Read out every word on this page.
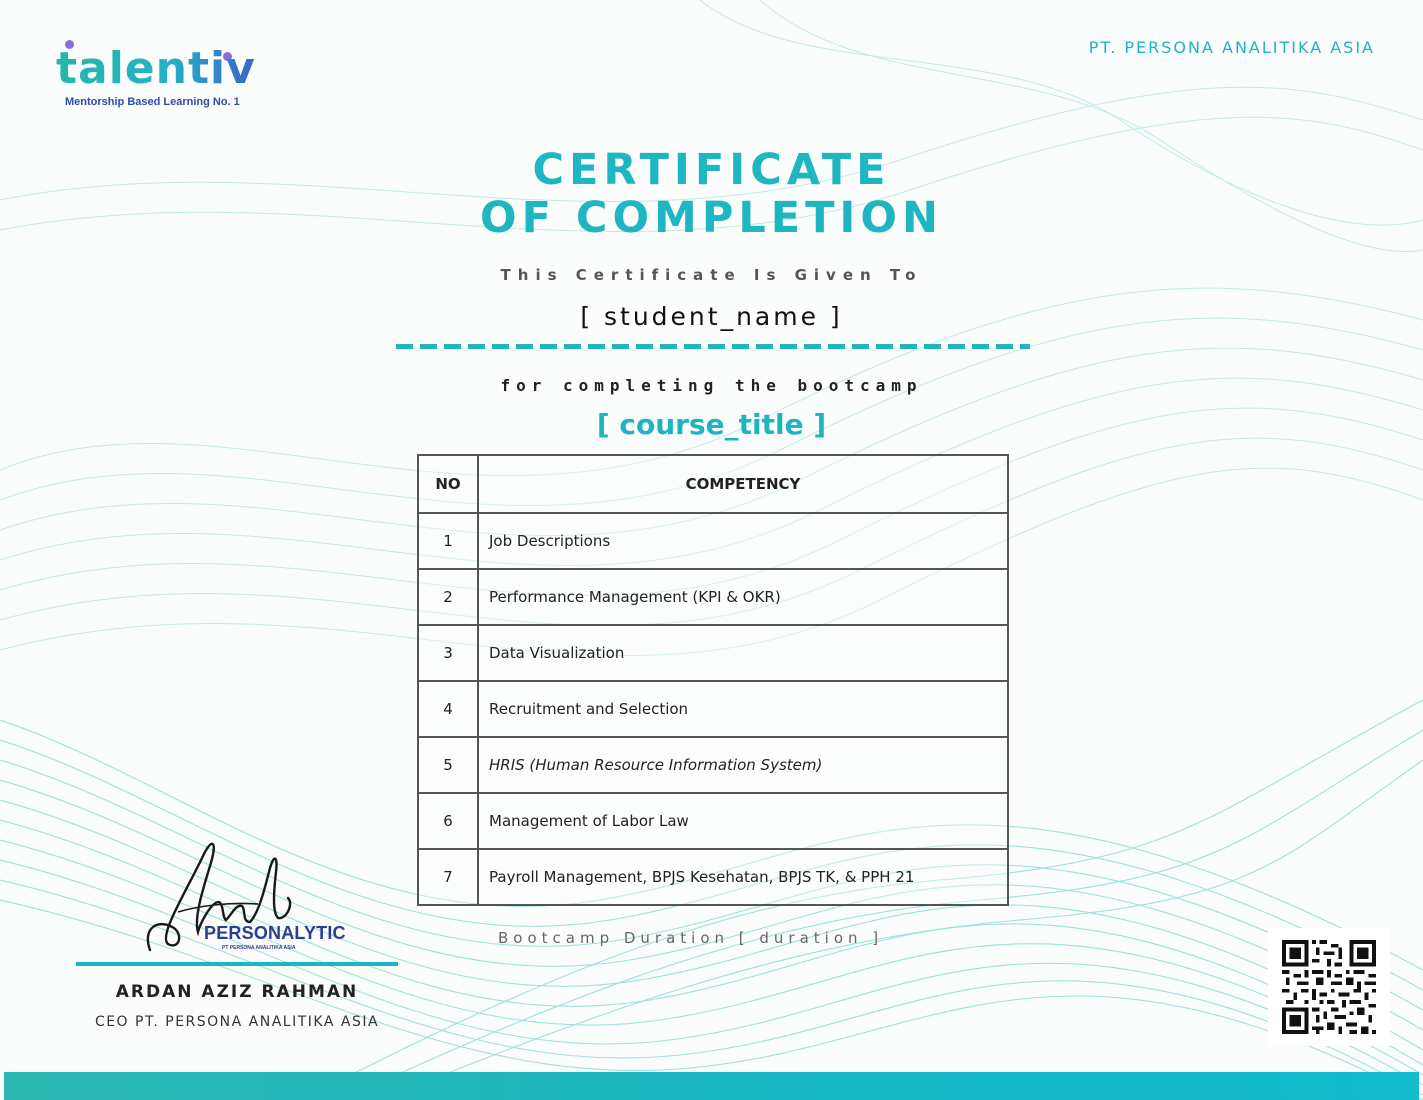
talentiv
Mentorship Based Learning No. 1
PT. PERSONA ANALITIKA ASIA
CERTIFICATE
OF COMPLETION
This Certificate Is Given To
[ student_name ]
for completing the bootcamp
[ course_title ]
NO	COMPETENCY
1	Job Descriptions
2	Performance Management (KPI & OKR)
3	Data Visualization
4	Recruitment and Selection
5	HRIS (Human Resource Information System)
6	Management of Labor Law
7	Payroll Management, BPJS Kesehatan, BPJS TK, & PPH 21
Bootcamp Duration [ duration ]
PERSONALYTIC
PT PERSONA ANALITIKA ASIA
ARDAN AZIZ RAHMAN
CEO PT. PERSONA ANALITIKA ASIA
